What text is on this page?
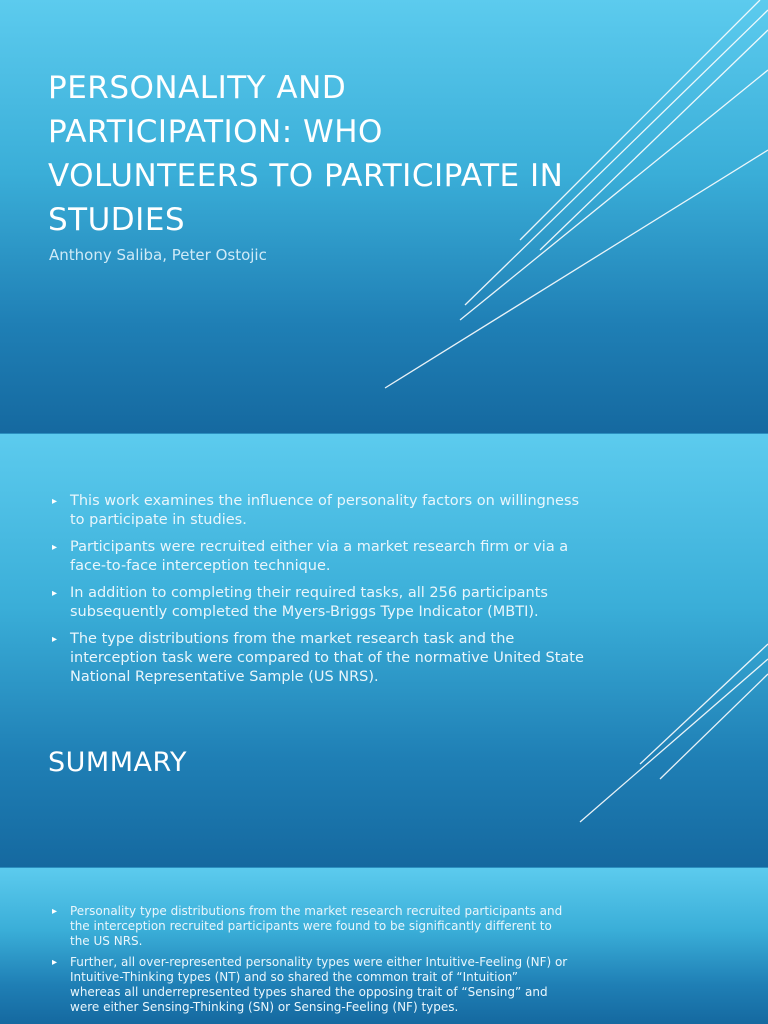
PERSONALITY AND PARTICIPATION: WHO VOLUNTEERS TO PARTICIPATE IN STUDIES
Anthony Saliba, Peter Ostojic
▸ This work examines the influence of personality factors on willingness to participate in studies.
▸ Participants were recruited either via a market research firm or via a face-to-face interception technique.
▸ In addition to completing their required tasks, all 256 participants subsequently completed the Myers-Briggs Type Indicator (MBTI).
▸ The type distributions from the market research task and the interception task were compared to that of the normative United State National Representative Sample (US NRS).
SUMMARY
▸ Personality type distributions from the market research recruited participants and the interception recruited participants were found to be significantly different to the US NRS.
▸ Further, all over-represented personality types were either Intuitive-Feeling (NF) or Intuitive-Thinking types (NT) and so shared the common trait of “Intuition” whereas all underrepresented types shared the opposing trait of “Sensing” and were either Sensing-Thinking (SN) or Sensing-Feeling (NF) types.
